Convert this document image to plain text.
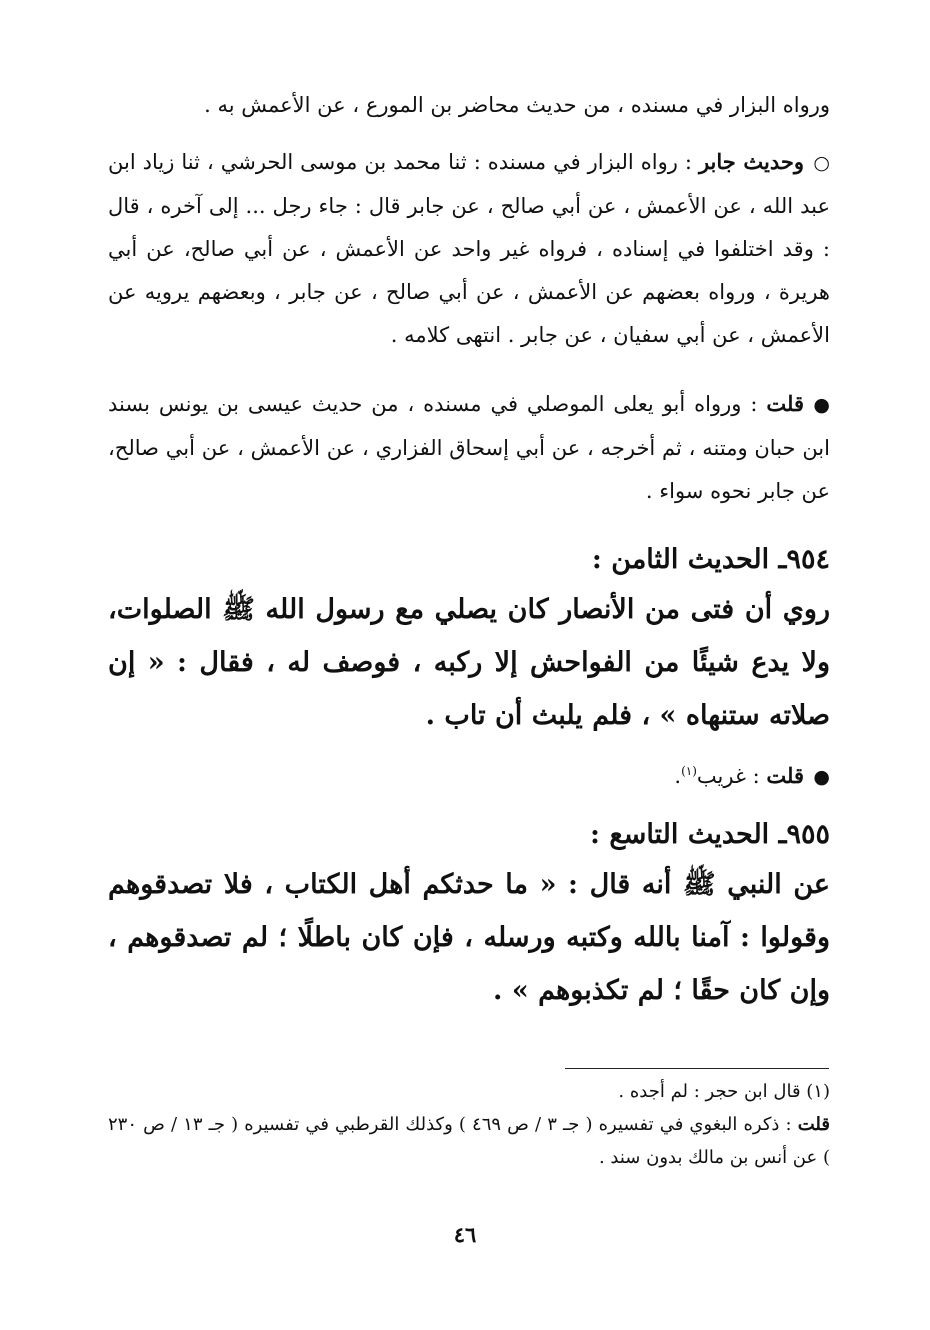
ورواه البزار في مسنده ، من حديث محاضر بن المورع ، عن الأعمش به .
○وحديث جابر : رواه البزار في مسنده : ثنا محمد بن موسى الحرشي ، ثنا زياد ابن عبد الله ، عن الأعمش ، عن أبي صالح ، عن جابر قال : جاء رجل ... إلى آخره ، قال : وقد اختلفوا في إسناده ، فرواه غير واحد عن الأعمش ، عن أبي صالح، عن أبي هريرة ، ورواه بعضهم عن الأعمش ، عن أبي صالح ، عن جابر ، وبعضهم يرويه عن الأعمش ، عن أبي سفيان ، عن جابر . انتهى كلامه .
●قلت : ورواه أبو يعلى الموصلي في مسنده ، من حديث عيسى بن يونس بسند ابن حبان ومتنه ، ثم أخرجه ، عن أبي إسحاق الفزاري ، عن الأعمش ، عن أبي صالح، عن جابر نحوه سواء .
٩٥٤ـ الحديث الثامن :
روي أن فتى من الأنصار كان يصلي مع رسول الله ﷺ الصلوات، ولا يدع شيئًا من الفواحش إلا ركبه ، فوصف له ، فقال : « إن صلاته ستنهاه » ، فلم يلبث أن تاب .
●قلت : غريب$^{(١)}$.
٩٥٥ـ الحديث التاسع :
عن النبي ﷺ أنه قال : « ما حدثكم أهل الكتاب ، فلا تصدقوهم وقولوا : آمنا بالله وكتبه ورسله ، فإن كان باطلًا ؛ لم تصدقوهم ، وإن كان حقًا ؛ لم تكذبوهم » .
(١) قال ابن حجر : لم أجده .
قلت : ذكره البغوي في تفسيره ( جـ ٣ / ص ٤٦٩ ) وكذلك القرطبي في تفسيره ( جـ ١٣ / ص ٢٣٠ ) عن أنس بن مالك بدون سند .
٤٦
